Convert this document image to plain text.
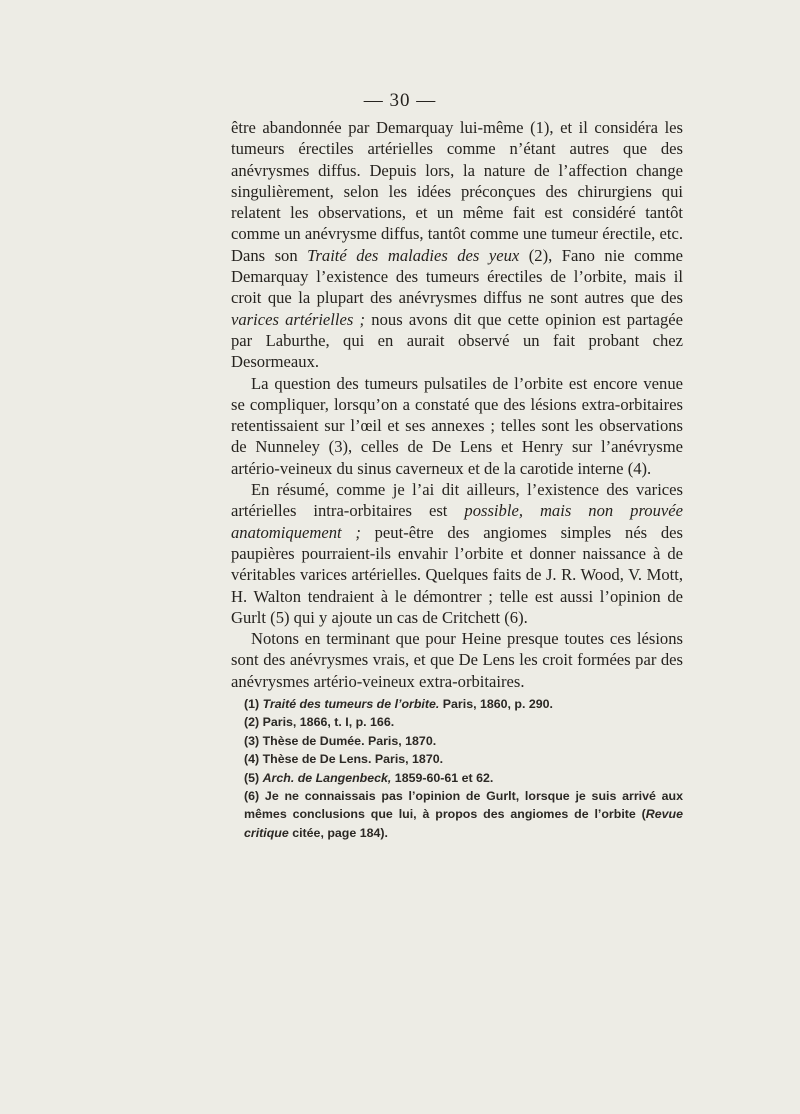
— 30 —

être abandonnée par Demarquay lui-même (1), et il considéra les tumeurs érectiles artérielles comme n’étant autres que des anévrysmes diffus. Depuis lors, la nature de l’affection change singulièrement, selon les idées préconçues des chirurgiens qui relatent les observations, et un même fait est considéré tantôt comme un anévrysme diffus, tantôt comme une tumeur érectile, etc. Dans son Traité des maladies des yeux (2), Fano nie comme Demarquay l’existence des tumeurs érectiles de l’orbite, mais il croit que la plupart des anévrysmes diffus ne sont autres que des varices artérielles ; nous avons dit que cette opinion est partagée par Laburthe, qui en aurait observé un fait probant chez Desormeaux.

La question des tumeurs pulsatiles de l’orbite est encore venue se compliquer, lorsqu’on a constaté que des lésions extra-orbitaires retentissaient sur l’œil et ses annexes ; telles sont les observations de Nunneley (3), celles de De Lens et Henry sur l’anévrysme artério-veineux du sinus caverneux et de la carotide interne (4).

En résumé, comme je l’ai dit ailleurs, l’existence des varices artérielles intra-orbitaires est possible, mais non prouvée anatomiquement ; peut-être des angiomes simples nés des paupières pourraient-ils envahir l’orbite et donner naissance à de véritables varices artérielles. Quelques faits de J. R. Wood, V. Mott, H. Walton tendraient à le démontrer ; telle est aussi l’opinion de Gurlt (5) qui y ajoute un cas de Critchett (6).

Notons en terminant que pour Heine presque toutes ces lésions sont des anévrysmes vrais, et que De Lens les croit formées par des anévrysmes artério-veineux extra-orbitaires.

(1) Traité des tumeurs de l’orbite. Paris, 1860, p. 290.

(2) Paris, 1866, t. I, p. 166.

(3) Thèse de Dumée. Paris, 1870.

(4) Thèse de De Lens. Paris, 1870.

(5) Arch. de Langenbeck, 1859-60-61 et 62.

(6) Je ne connaissais pas l’opinion de Gurlt, lorsque je suis arrivé aux mêmes conclusions que lui, à propos des angiomes de l’orbite (Revue critique citée, page 184).
